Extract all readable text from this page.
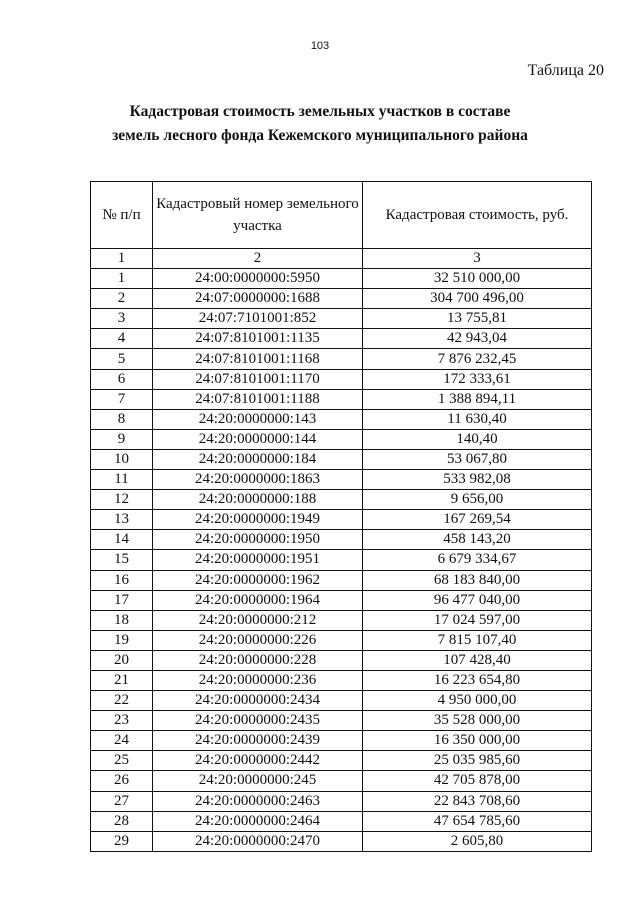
103
Таблица 20
Кадастровая стоимость земельных участков в составе
земель лесного фонда Кежемского муниципального района
№ п/п	Кадастровый номер земельного участка	Кадастровая стоимость, руб.
1	2	3
1	24:00:0000000:5950	32 510 000,00
2	24:07:0000000:1688	304 700 496,00
3	24:07:7101001:852	13 755,81
4	24:07:8101001:1135	42 943,04
5	24:07:8101001:1168	7 876 232,45
6	24:07:8101001:1170	172 333,61
7	24:07:8101001:1188	1 388 894,11
8	24:20:0000000:143	11 630,40
9	24:20:0000000:144	140,40
10	24:20:0000000:184	53 067,80
11	24:20:0000000:1863	533 982,08
12	24:20:0000000:188	9 656,00
13	24:20:0000000:1949	167 269,54
14	24:20:0000000:1950	458 143,20
15	24:20:0000000:1951	6 679 334,67
16	24:20:0000000:1962	68 183 840,00
17	24:20:0000000:1964	96 477 040,00
18	24:20:0000000:212	17 024 597,00
19	24:20:0000000:226	7 815 107,40
20	24:20:0000000:228	107 428,40
21	24:20:0000000:236	16 223 654,80
22	24:20:0000000:2434	4 950 000,00
23	24:20:0000000:2435	35 528 000,00
24	24:20:0000000:2439	16 350 000,00
25	24:20:0000000:2442	25 035 985,60
26	24:20:0000000:245	42 705 878,00
27	24:20:0000000:2463	22 843 708,60
28	24:20:0000000:2464	47 654 785,60
29	24:20:0000000:2470	2 605,80
